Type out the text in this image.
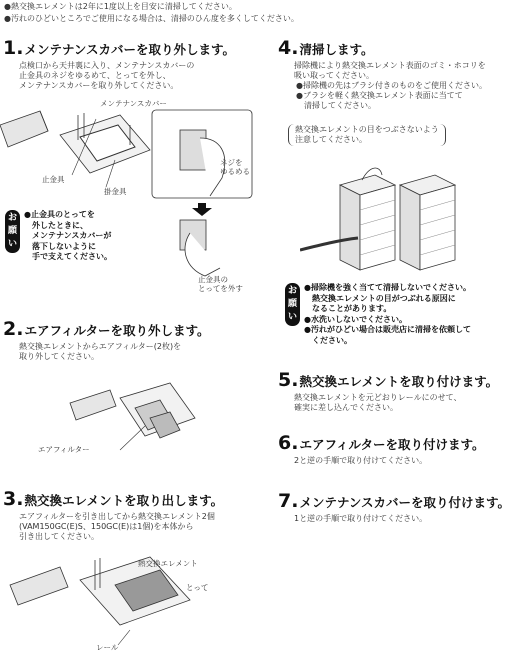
●熱交換エレメントは2年に1度以上を目安に清掃してください。
●汚れのひどいところでご使用になる場合は、清掃のひん度を多くしてください。
1.メンテナンスカバーを取り外します。
点検口から天井裏に入り、メンテナンスカバーの
止金具のネジをゆるめて、とってを外し、
メンテナンスカバーを取り外してください。
メンテナンスカバー
止金具
掛金具
ネジを
ゆるめる
止金具の
とってを外す
お
願
い
●止金具のとってを
外したときに、
メンテナンスカバーが
落下しないように
手で支えてください。
2.エアフィルターを取り外します。
熱交換エレメントからエアフィルター(2枚)を
取り外してください。
エアフィルター
3.熱交換エレメントを取り出します。
エアフィルターを引き出してから熱交換エレメント2個
(VAM150GC(E)S、150GC(E)は1個)を本体から
引き出してください。
熱交換エレメント
とって
レール
4.清掃します。
掃除機により熱交換エレメント表面のゴミ・ホコリを
吸い取ってください。
●掃除機の先はブラシ付きのものをご使用ください。
●ブラシを軽く熱交換エレメント表面に当てて
　清掃してください。
熱交換エレメントの目をつぶさないよう
注意してください。
お
願
い
●掃除機を強く当てて清掃しないでください。
　熱交換エレメントの目がつぶれる原因に
　なることがあります。
●水洗いしないでください。
●汚れがひどい場合は販売店に清掃を依頼して
　ください。
5.熱交換エレメントを取り付けます。
熱交換エレメントを元どおりレールにのせて、
確実に差し込んでください。
6.エアフィルターを取り付けます。
2と逆の手順で取り付けてください。
7.メンテナンスカバーを取り付けます。
1と逆の手順で取り付けてください。
